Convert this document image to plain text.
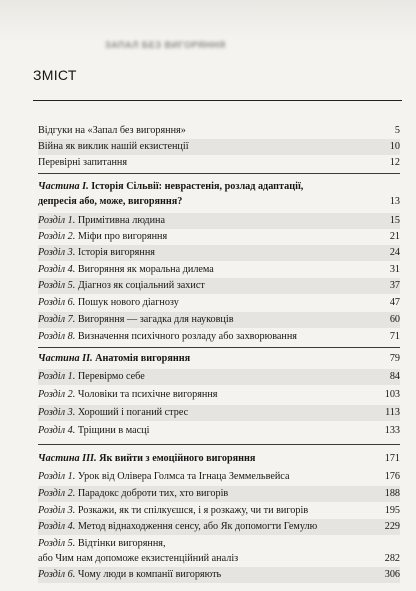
ЗАПАЛ БЕЗ ВИГОРЯННЯ
ЗМІСТ
Відгуки на «Запал без вигоряння»	5
Війна як виклик нашій екзистенції	10
Перевірні запитання	12
Частина I. Історія Сільвії: неврастенія, розлад адаптації,
депресія або, може, вигоряння?	13
Розділ 1. Примітивна людина	15
Розділ 2. Міфи про вигоряння	21
Розділ 3. Історія вигоряння	24
Розділ 4. Вигоряння як моральна дилема	31
Розділ 5. Діагноз як соціальний захист	37
Розділ 6. Пошук нового діагнозу	47
Розділ 7. Вигоряння — загадка для науковців	60
Розділ 8. Визначення психічного розладу або захворювання	71
Частина II. Анатомія вигоряння	79
Розділ 1. Перевірмо себе	84
Розділ 2. Чоловіки та психічне вигоряння	103
Розділ 3. Хороший і поганий стрес	113
Розділ 4. Тріщини в масці	133
Частина III. Як вийти з емоційного вигоряння	171
Розділ 1. Урок від Олівера Голмса та Ігнаца Земмельвейса	176
Розділ 2. Парадокс доброти тих, хто вигорів	188
Розділ 3. Розкажи, як ти спілкуєшся, і я розкажу, чи ти вигорів	195
Розділ 4. Метод віднаходження сенсу, або Як допомогти Гемулю	229
Розділ 5. Відтінки вигоряння,
або Чим нам допоможе екзистенційний аналіз	282
Розділ 6. Чому люди в компанії вигоряють	306
